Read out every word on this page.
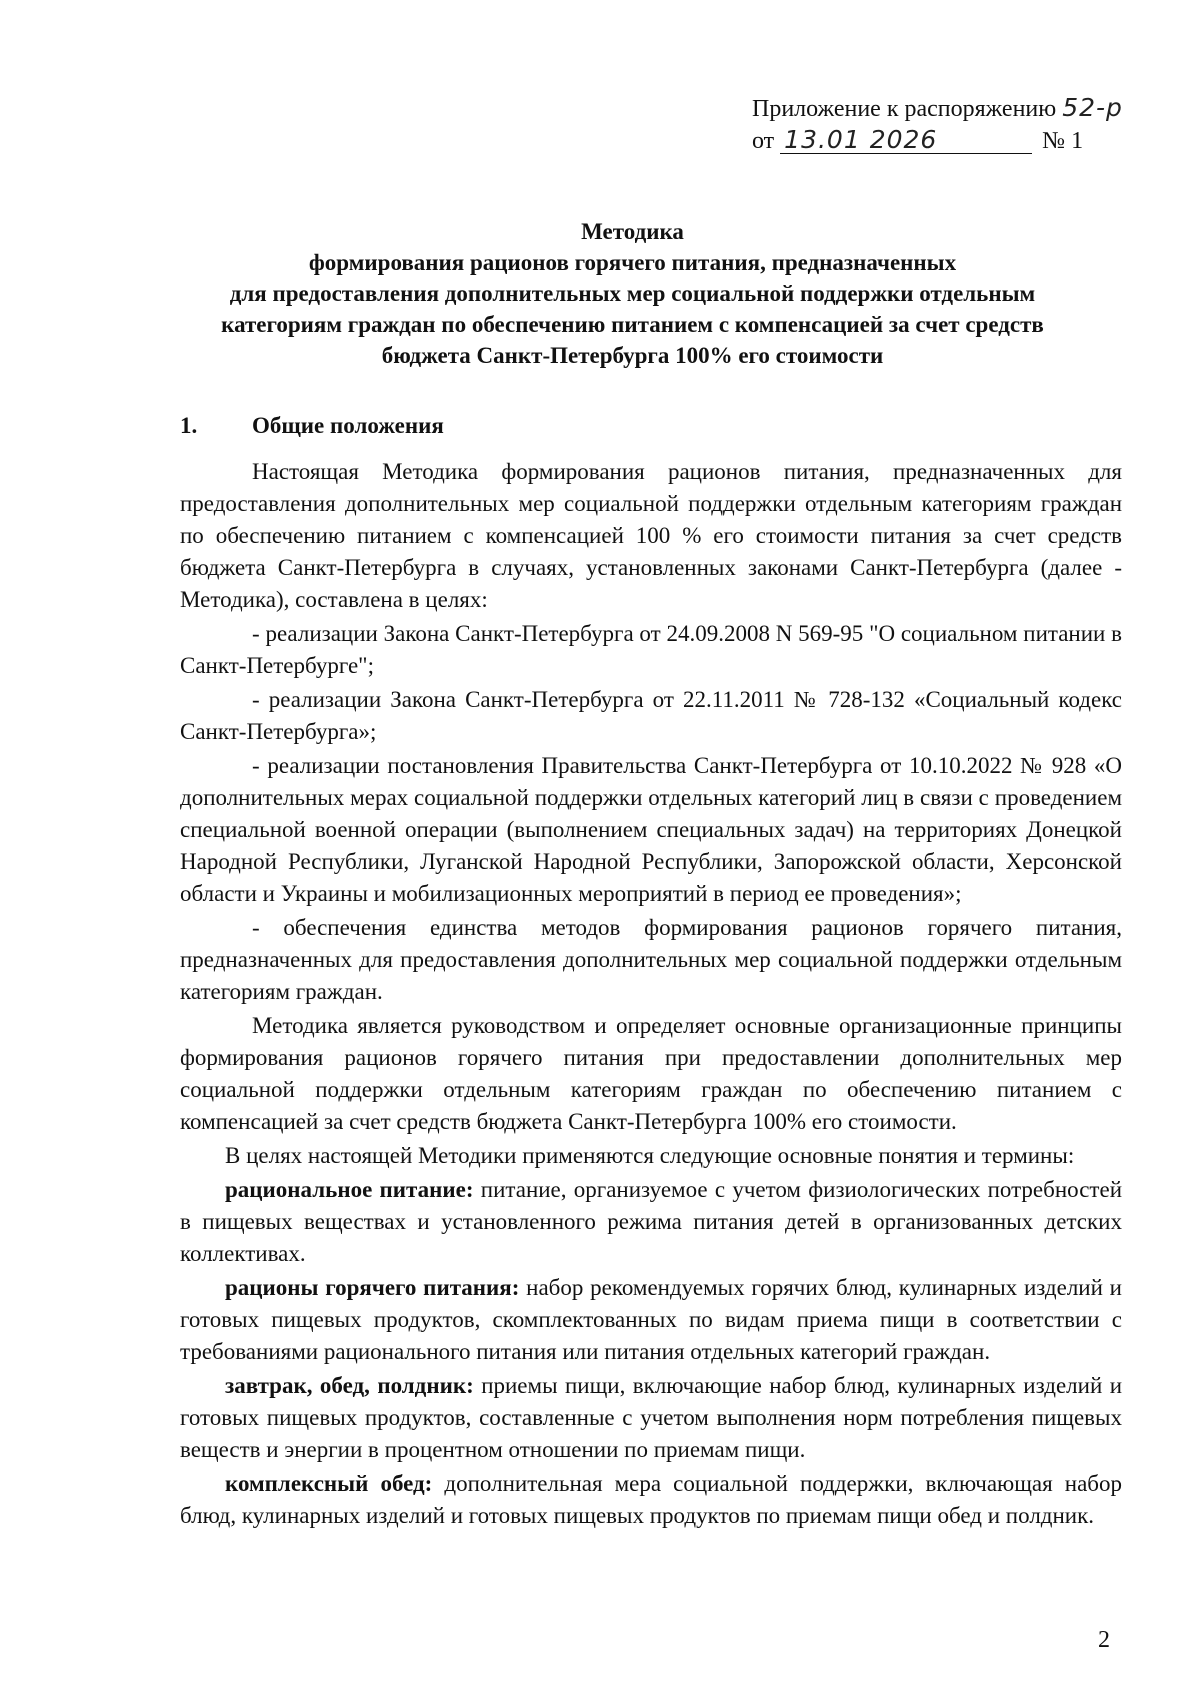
Приложение к распоряжению 52-р
от 13.01 2026	№ 1
Методика
формирования рационов горячего питания, предназначенных
для предоставления дополнительных мер социальной поддержки отдельным
категориям граждан по обеспечению питанием с компенсацией за счет средств
бюджета Санкт-Петербурга 100% его стоимости
1. Общие положения

Настоящая Методика формирования рационов питания, предназначенных для предоставления дополнительных мер социальной поддержки отдельным категориям граждан по обеспечению питанием с компенсацией 100 % его стоимости питания за счет средств бюджета Санкт-Петербурга в случаях, установленных законами Санкт-Петербурга (далее - Методика), составлена в целях:

- реализации Закона Санкт-Петербурга от 24.09.2008 N 569-95 "О социальном питании в Санкт-Петербурге";

- реализации Закона Санкт-Петербурга от 22.11.2011 № 728-132 «Социальный кодекс Санкт-Петербурга»;

- реализации постановления Правительства Санкт-Петербурга от 10.10.2022 № 928 «О дополнительных мерах социальной поддержки отдельных категорий лиц в связи с проведением специальной военной операции (выполнением специальных задач) на территориях Донецкой Народной Республики, Луганской Народной Республики, Запорожской области, Херсонской области и Украины и мобилизационных мероприятий в период ее проведения»;

- обеспечения единства методов формирования рационов горячего питания, предназначенных для предоставления дополнительных мер социальной поддержки отдельным категориям граждан.

Методика является руководством и определяет основные организационные принципы формирования рационов горячего питания при предоставлении дополнительных мер социальной поддержки отдельным категориям граждан по обеспечению питанием с компенсацией за счет средств бюджета Санкт-Петербурга 100% его стоимости.

В целях настоящей Методики применяются следующие основные понятия и термины:

рациональное питание: питание, организуемое с учетом физиологических потребностей в пищевых веществах и установленного режима питания детей в организованных детских коллективах.

рационы горячего питания: набор рекомендуемых горячих блюд, кулинарных изделий и готовых пищевых продуктов, скомплектованных по видам приема пищи в соответствии с требованиями рационального питания или питания отдельных категорий граждан.

завтрак, обед, полдник: приемы пищи, включающие набор блюд, кулинарных изделий и готовых пищевых продуктов, составленные с учетом выполнения норм потребления пищевых веществ и энергии в процентном отношении по приемам пищи.

комплексный обед: дополнительная мера социальной поддержки, включающая набор блюд, кулинарных изделий и готовых пищевых продуктов по приемам пищи обед и полдник.

2
